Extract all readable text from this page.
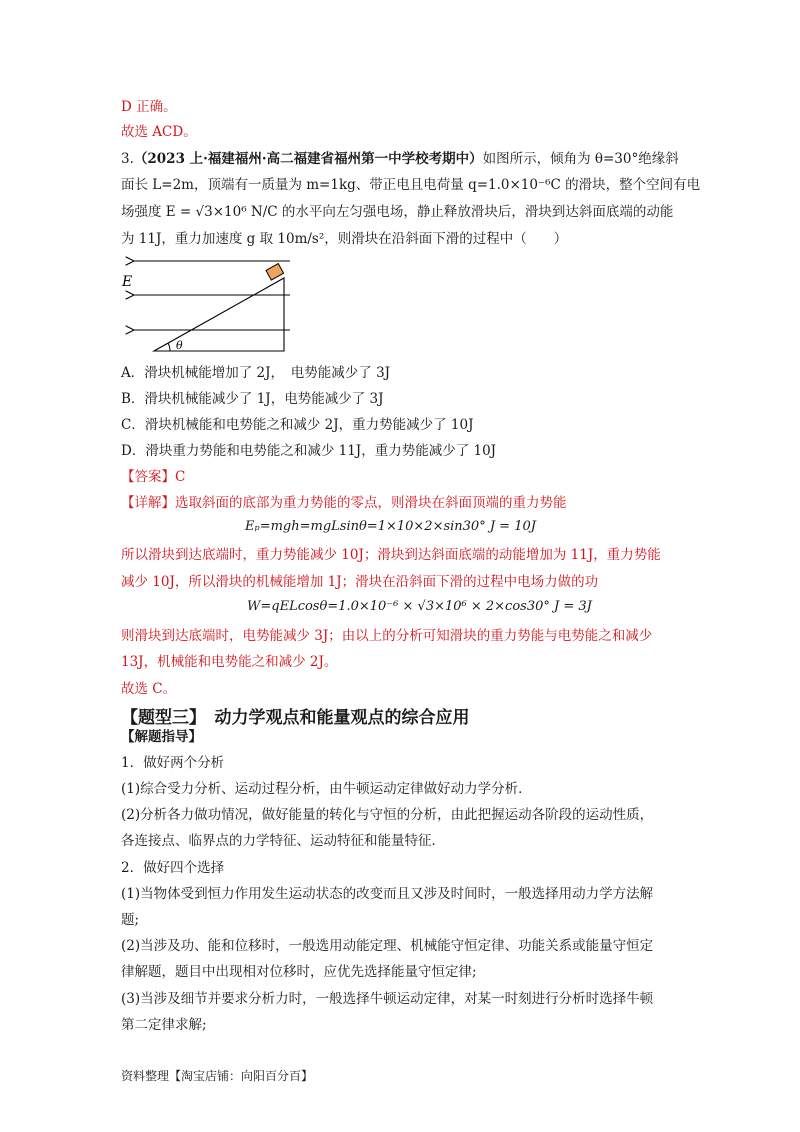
D 正确。
故选 ACD。
3.（2023 上·福建福州·高二福建省福州第一中学校考期中）如图所示，倾角为 θ=30°绝缘斜
面长 L=2m，顶端有一质量为 m=1kg、带正电且电荷量 q=1.0×10⁻⁶C 的滑块，整个空间有电
场强度 E = √3×10⁶ N/C 的水平向左匀强电场，静止释放滑块后，滑块到达斜面底端的动能
为 11J，重力加速度 g 取 10m/s²，则滑块在沿斜面下滑的过程中（　　）
E
θ
A．滑块机械能增加了 2J，　电势能减少了 3J
B．滑块机械能减少了 1J，电势能减少了 3J
C．滑块机械能和电势能之和减少 2J，重力势能减少了 10J
D．滑块重力势能和电势能之和减少 11J，重力势能减少了 10J
【答案】C
【详解】选取斜面的底部为重力势能的零点，则滑块在斜面顶端的重力势能
Eₚ=mgh=mgLsinθ=1×10×2×sin30° J = 10J
所以滑块到达底端时，重力势能减少 10J；滑块到达斜面底端的动能增加为 11J，重力势能
减少 10J，所以滑块的机械能增加 1J；滑块在沿斜面下滑的过程中电场力做的功
W=qELcosθ=1.0×10⁻⁶ × √3×10⁶ × 2×cos30° J = 3J
则滑块到达底端时，电势能减少 3J；由以上的分析可知滑块的重力势能与电势能之和减少
13J，机械能和电势能之和减少 2J。
故选 C。
【题型三】　动力学观点和能量观点的综合应用
【解题指导】
1．做好两个分析
(1)综合受力分析、运动过程分析，由牛顿运动定律做好动力学分析．
(2)分析各力做功情况，做好能量的转化与守恒的分析，由此把握运动各阶段的运动性质，
各连接点、临界点的力学特征、运动特征和能量特征．
2．做好四个选择
(1)当物体受到恒力作用发生运动状态的改变而且又涉及时间时，一般选择用动力学方法解
题;
(2)当涉及功、能和位移时，一般选用动能定理、机械能守恒定律、功能关系或能量守恒定
律解题，题目中出现相对位移时，应优先选择能量守恒定律;
(3)当涉及细节并要求分析力时，一般选择牛顿运动定律，对某一时刻进行分析时选择牛顿
第二定律求解;
资料整理【淘宝店铺：向阳百分百】
